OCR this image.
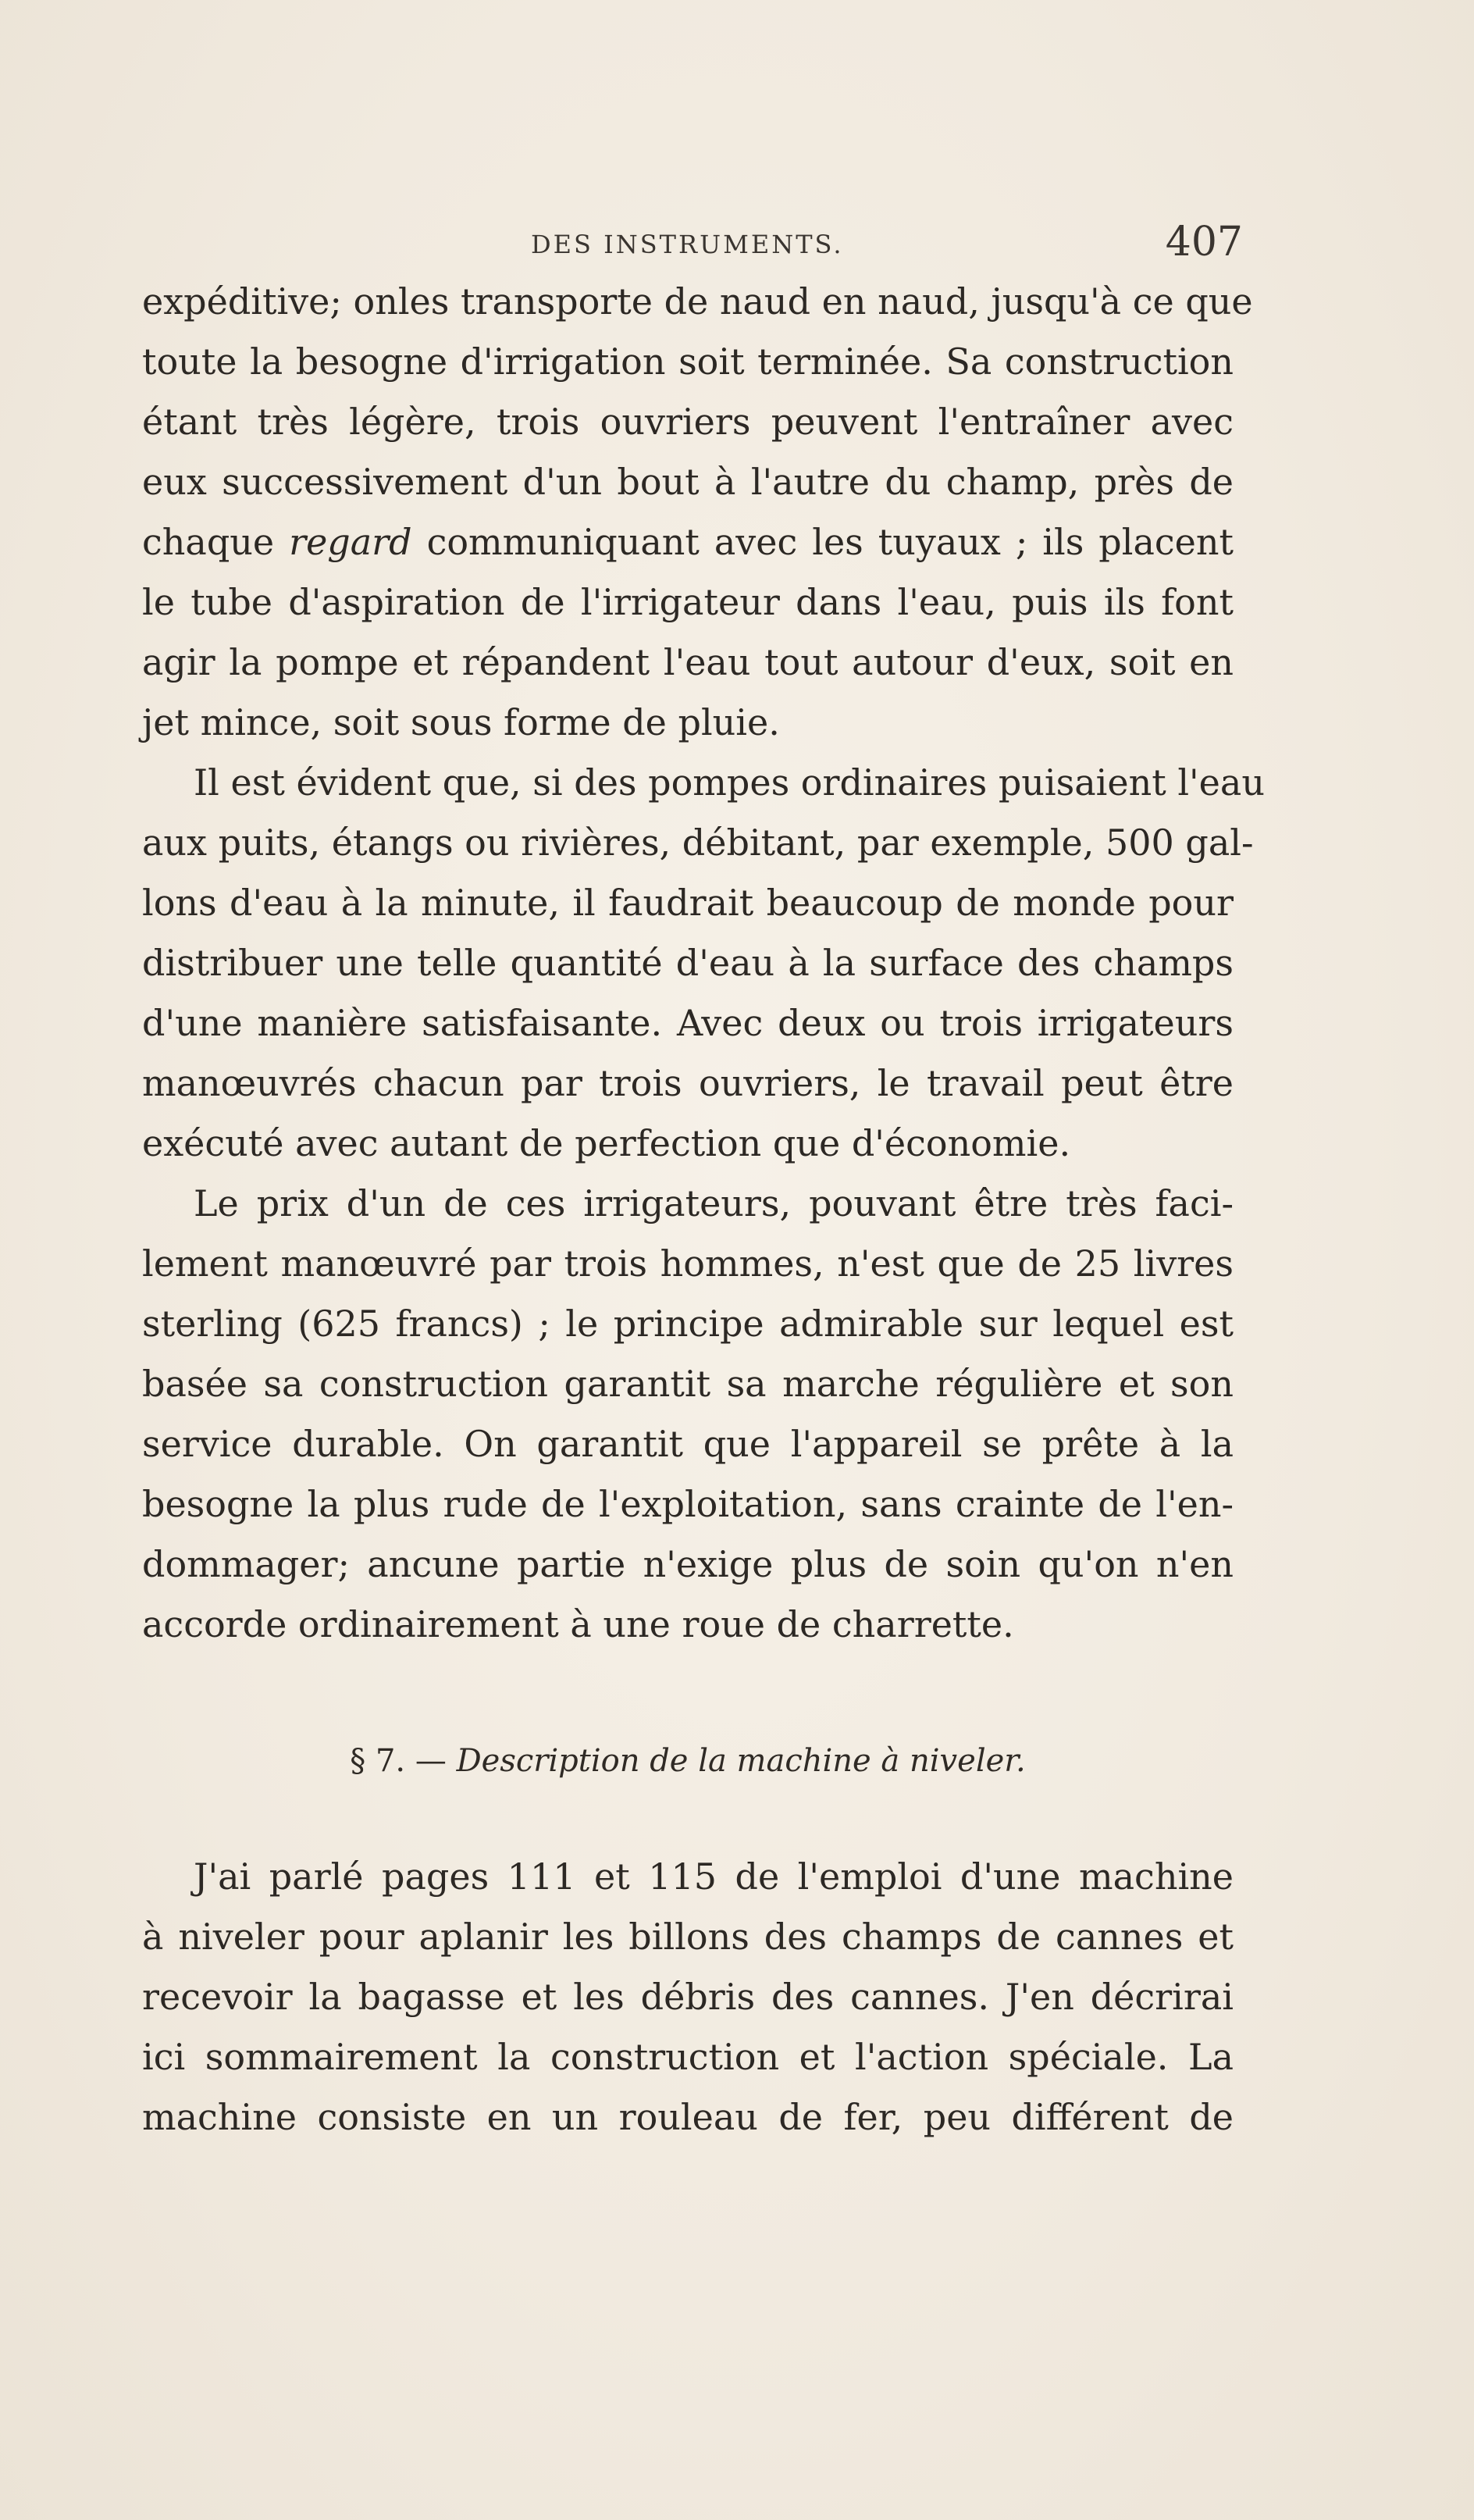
DES INSTRUMENTS.	407
expéditive; onles transporte de naud en naud, jusqu'à ce que
toute la besogne d'irrigation soit terminée. Sa construction
étant très légère, trois ouvriers peuvent l'entraîner avec
eux successivement d'un bout à l'autre du champ, près de
chaque regard communiquant avec les tuyaux ; ils placent
le tube d'aspiration de l'irrigateur dans l'eau, puis ils font
agir la pompe et répandent l'eau tout autour d'eux, soit en
jet mince, soit sous forme de pluie.
Il est évident que, si des pompes ordinaires puisaient l'eau
aux puits, étangs ou rivières, débitant, par exemple, 500 gal-
lons d'eau à la minute, il faudrait beaucoup de monde pour
distribuer une telle quantité d'eau à la surface des champs
d'une manière satisfaisante. Avec deux ou trois irrigateurs
manœuvrés chacun par trois ouvriers, le travail peut être
exécuté avec autant de perfection que d'économie.
Le prix d'un de ces irrigateurs, pouvant être très faci-
lement manœuvré par trois hommes, n'est que de 25 livres
sterling (625 francs) ; le principe admirable sur lequel est
basée sa construction garantit sa marche régulière et son
service durable. On garantit que l'appareil se prête à la
besogne la plus rude de l'exploitation, sans crainte de l'en-
dommager; ancune partie n'exige plus de soin qu'on n'en
accorde ordinairement à une roue de charrette.
§ 7. — Description de la machine à niveler.
J'ai parlé pages 111 et 115 de l'emploi d'une machine
à niveler pour aplanir les billons des champs de cannes et
recevoir la bagasse et les débris des cannes. J'en décrirai
ici sommairement la construction et l'action spéciale. La
machine consiste en un rouleau de fer, peu différent de
